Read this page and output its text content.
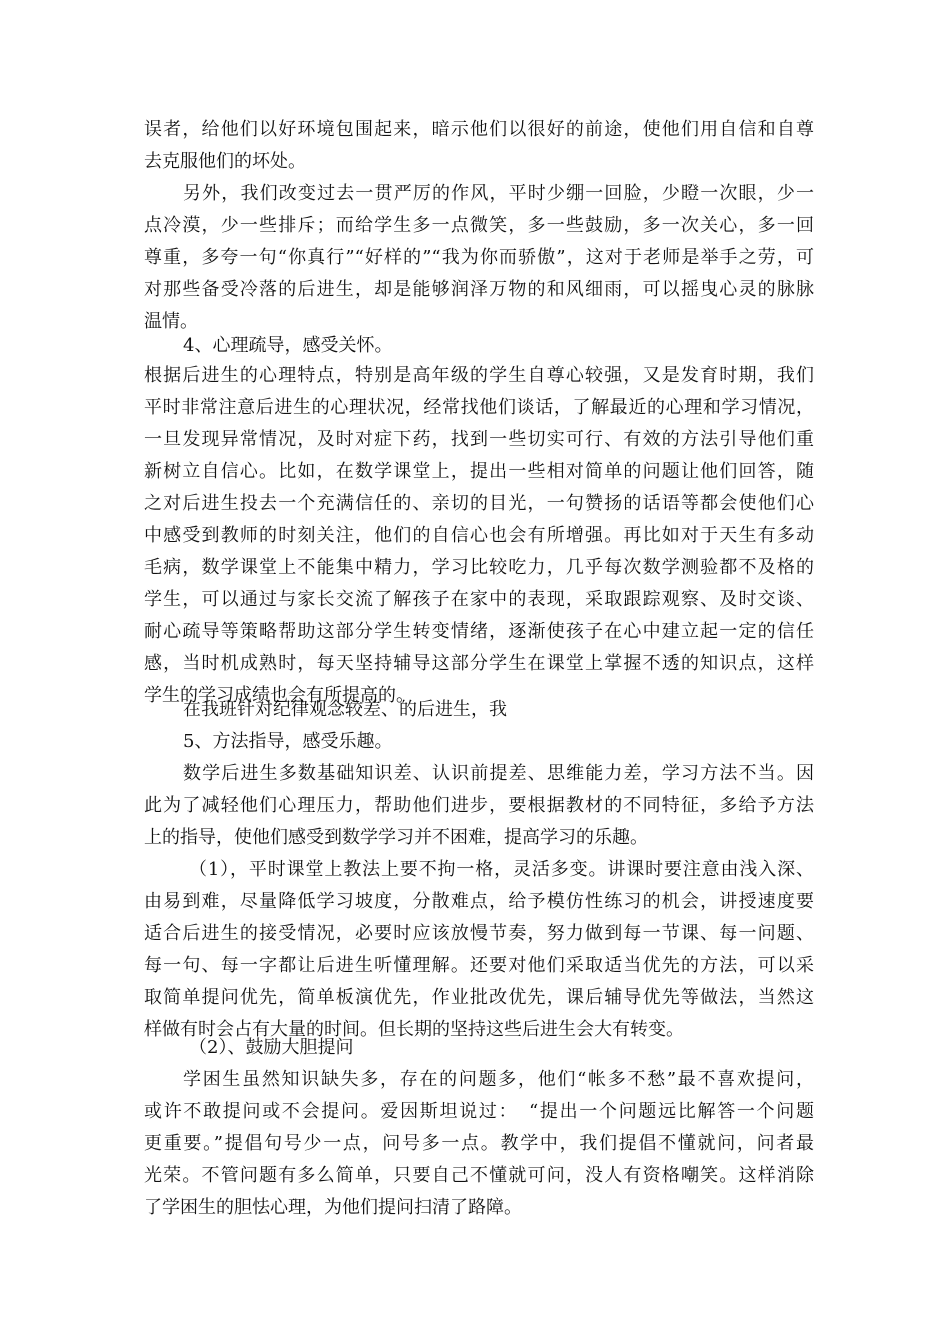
误者，给他们以好环境包围起来，暗示他们以很好的前途，使他们用自信和自尊
去克服他们的坏处。
另外，我们改变过去一贯严厉的作风，平时少绷一回脸，少瞪一次眼，少一
点冷漠，少一些排斥；而给学生多一点微笑，多一些鼓励，多一次关心，多一回
尊重，多夸一句“你真行”“好样的”“我为你而骄傲”，这对于老师是举手之劳，可
对那些备受冷落的后进生，却是能够润泽万物的和风细雨，可以摇曳心灵的脉脉
温情。
4、心理疏导，感受关怀。
根据后进生的心理特点，特别是高年级的学生自尊心较强，又是发育时期，我们
平时非常注意后进生的心理状况，经常找他们谈话，了解最近的心理和学习情况，
一旦发现异常情况，及时对症下药，找到一些切实可行、有效的方法引导他们重
新树立自信心。比如，在数学课堂上，提出一些相对简单的问题让他们回答，随
之对后进生投去一个充满信任的、亲切的目光，一句赞扬的话语等都会使他们心
中感受到教师的时刻关注，他们的自信心也会有所增强。再比如对于天生有多动
毛病，数学课堂上不能集中精力，学习比较吃力，几乎每次数学测验都不及格的
学生，可以通过与家长交流了解孩子在家中的表现，采取跟踪观察、及时交谈、
耐心疏导等策略帮助这部分学生转变情绪，逐渐使孩子在心中建立起一定的信任
感，当时机成熟时，每天坚持辅导这部分学生在课堂上掌握不透的知识点，这样
学生的学习成绩也会有所提高的。
在我班针对纪律观念较差、的后进生，我
5、方法指导，感受乐趣。
数学后进生多数基础知识差、认识前提差、思维能力差，学习方法不当。因
此为了减轻他们心理压力，帮助他们进步，要根据教材的不同特征，多给予方法
上的指导，使他们感受到数学学习并不困难，提高学习的乐趣。
（1），平时课堂上教法上要不拘一格，灵活多变。讲课时要注意由浅入深、
由易到难，尽量降低学习坡度，分散难点，给予模仿性练习的机会，讲授速度要
适合后进生的接受情况，必要时应该放慢节奏，努力做到每一节课、每一问题、
每一句、每一字都让后进生听懂理解。还要对他们采取适当优先的方法，可以采
取简单提问优先，简单板演优先，作业批改优先，课后辅导优先等做法，当然这
样做有时会占有大量的时间。但长期的坚持这些后进生会大有转变。
（2）、鼓励大胆提问
学困生虽然知识缺失多，存在的问题多，他们“帐多不愁”最不喜欢提问，
或许不敢提问或不会提问。爱因斯坦说过：　“提出一个问题远比解答一个问题
更重要。”提倡句号少一点，问号多一点。教学中，我们提倡不懂就问，问者最
光荣。不管问题有多么简单，只要自己不懂就可问，没人有资格嘲笑。这样消除
了学困生的胆怯心理，为他们提问扫清了路障。
